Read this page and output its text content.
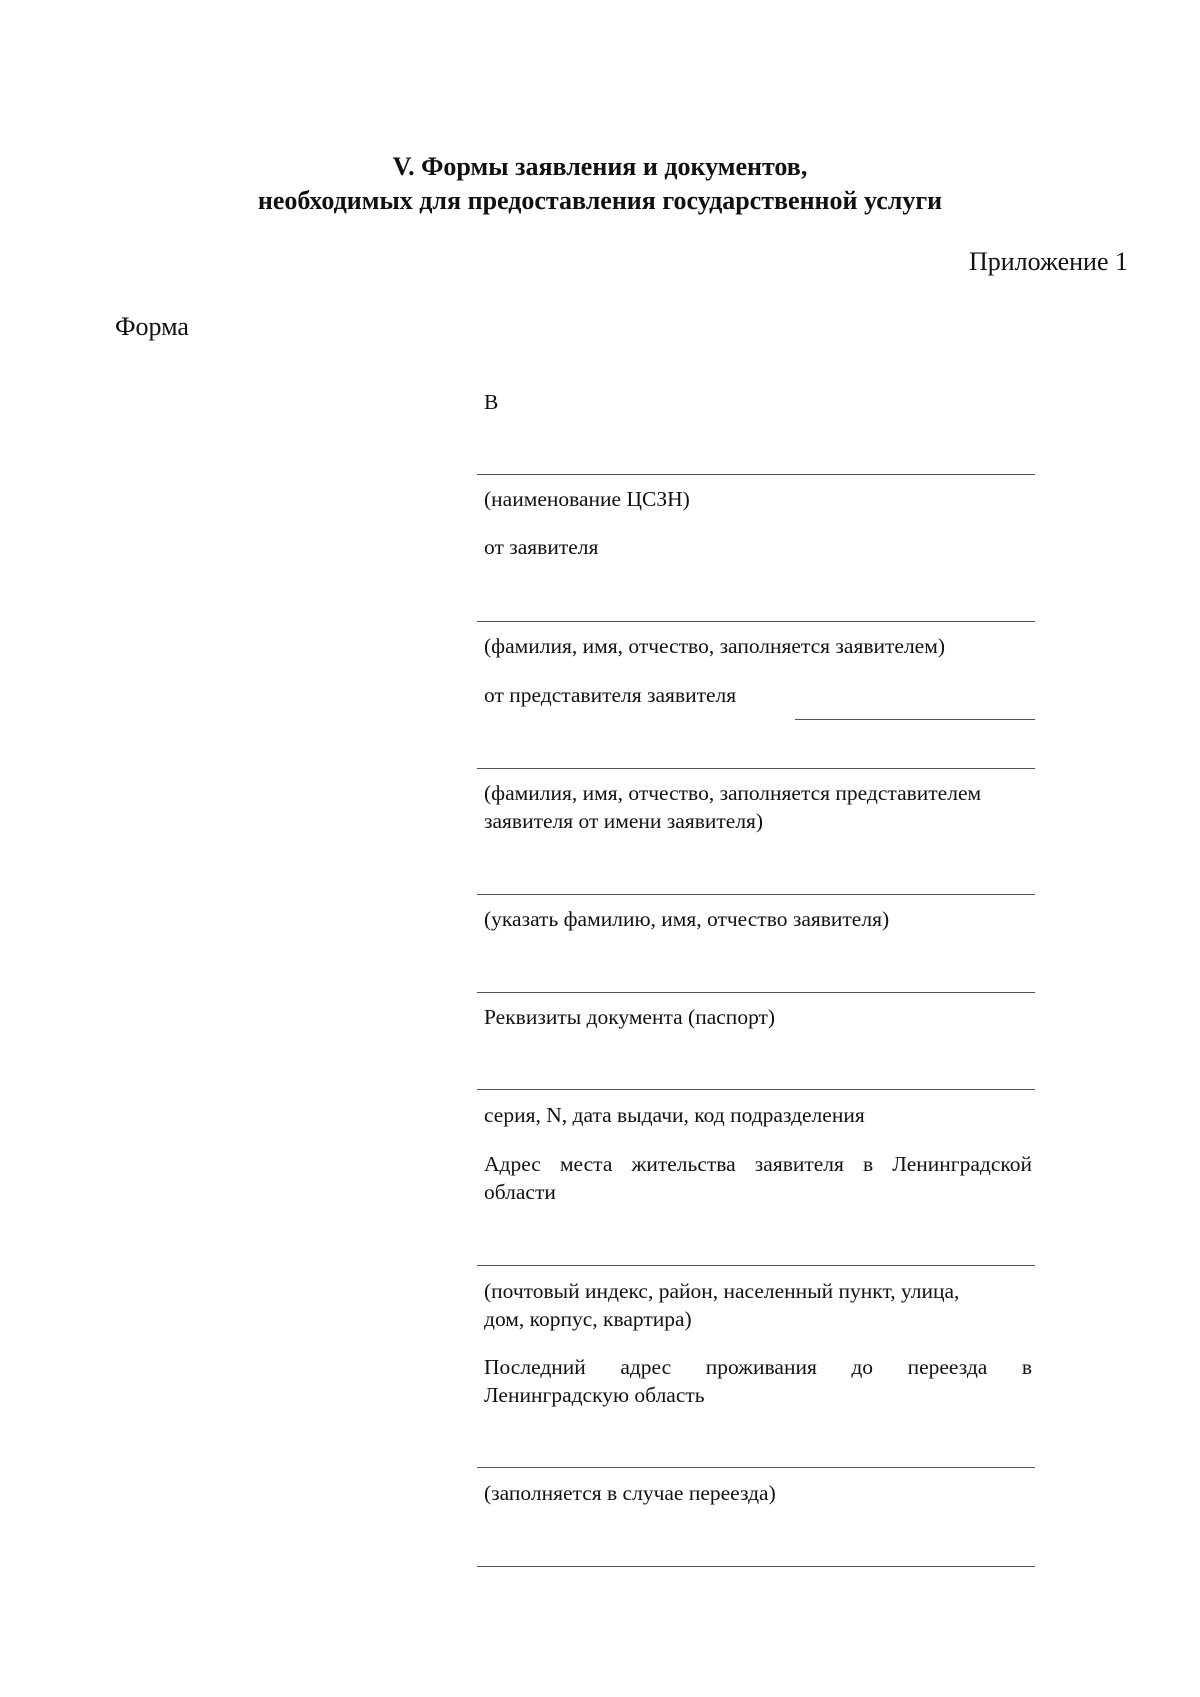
V. Формы заявления и документов,
необходимых для предоставления государственной услуги
Приложение 1
Форма
В
(наименование ЦСЗН)
от заявителя
(фамилия, имя, отчество, заполняется заявителем)
от представителя заявителя
(фамилия, имя, отчество, заполняется представителем заявителя от имени заявителя)
(указать фамилию, имя, отчество заявителя)
Реквизиты документа (паспорт)
серия, N, дата выдачи, код подразделения
Адрес места жительства заявителя в Ленинградской области
(почтовый индекс, район, населенный пункт, улица, дом, корпус, квартира)
Последний адрес проживания до переезда в Ленинградскую область
(заполняется в случае переезда)
